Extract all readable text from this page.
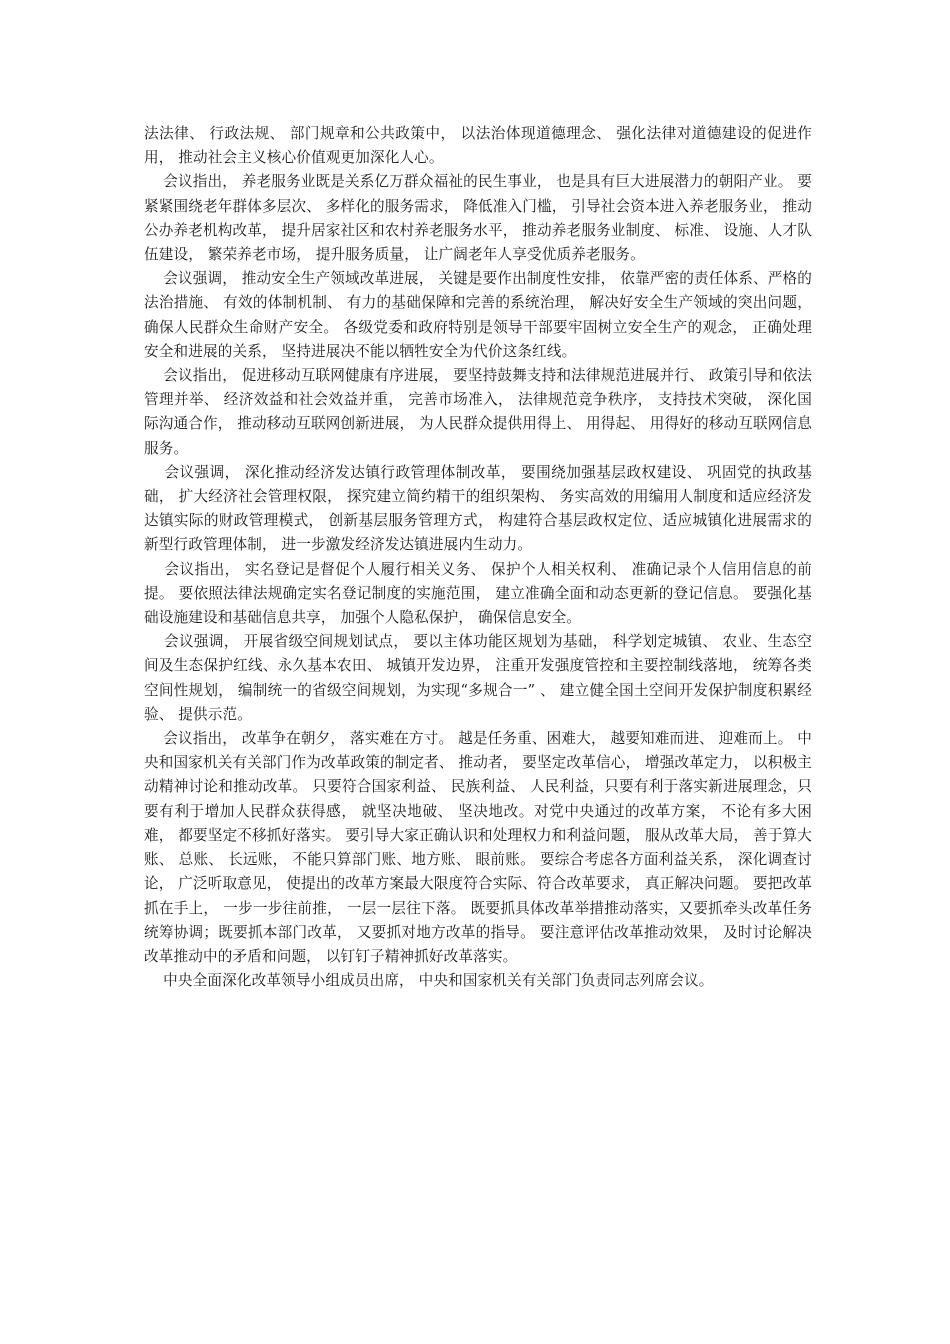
法法律、 行政法规、 部门规章和公共政策中， 以法治体现道德理念、 强化法律对道德建设的促进作用， 推动社会主义核心价值观更加深化人心。

会议指出， 养老服务业既是关系亿万群众福祉的民生事业， 也是具有巨大进展潜力的朝阳产业。 要紧紧围绕老年群体多层次、 多样化的服务需求， 降低准入门槛， 引导社会资本进入养老服务业， 推动公办养老机构改革， 提升居家社区和农村养老服务水平， 推动养老服务业制度、 标准、 设施、人才队伍建设， 繁荣养老市场， 提升服务质量， 让广阔老年人享受优质养老服务。

会议强调， 推动安全生产领域改革进展， 关键是要作出制度性安排， 依靠严密的责任体系、严格的法治措施、 有效的体制机制、 有力的基础保障和完善的系统治理， 解决好安全生产领域的突出问题， 确保人民群众生命财产安全。 各级党委和政府特别是领导干部要牢固树立安全生产的观念， 正确处理安全和进展的关系， 坚持进展决不能以牺牲安全为代价这条红线。

会议指出， 促进移动互联网健康有序进展， 要坚持鼓舞支持和法律规范进展并行、 政策引导和依法管理并举、 经济效益和社会效益并重， 完善市场准入， 法律规范竞争秩序， 支持技术突破， 深化国际沟通合作， 推动移动互联网创新进展， 为人民群众提供用得上、 用得起、 用得好的移动互联网信息服务。

会议强调， 深化推动经济发达镇行政管理体制改革， 要围绕加强基层政权建设、 巩固党的执政基础， 扩大经济社会管理权限， 探究建立简约精干的组织架构、 务实高效的用编用人制度和适应经济发达镇实际的财政管理模式， 创新基层服务管理方式， 构建符合基层政权定位、适应城镇化进展需求的新型行政管理体制， 进一步激发经济发达镇进展内生动力。

会议指出， 实名登记是督促个人履行相关义务、 保护个人相关权利、 准确记录个人信用信息的前提。 要依照法律法规确定实名登记制度的实施范围， 建立准确全面和动态更新的登记信息。 要强化基础设施建设和基础信息共享， 加强个人隐私保护， 确保信息安全。

会议强调， 开展省级空间规划试点， 要以主体功能区规划为基础， 科学划定城镇、 农业、生态空间及生态保护红线、永久基本农田、 城镇开发边界， 注重开发强度管控和主要控制线落地， 统筹各类空间性规划， 编制统一的省级空间规划，为实现“多规合一” 、 建立健全国土空间开发保护制度积累经验、 提供示范。

会议指出， 改革争在朝夕， 落实难在方寸。 越是任务重、困难大， 越要知难而进、 迎难而上。 中央和国家机关有关部门作为改革政策的制定者、 推动者， 要坚定改革信心， 增强改革定力， 以积极主动精神讨论和推动改革。 只要符合国家利益、 民族利益、 人民利益，只要有利于落实新进展理念，只要有利于增加人民群众获得感， 就坚决地破、 坚决地改。对党中央通过的改革方案， 不论有多大困难， 都要坚定不移抓好落实。 要引导大家正确认识和处理权力和利益问题， 服从改革大局， 善于算大账、 总账、 长远账， 不能只算部门账、地方账、 眼前账。 要综合考虑各方面利益关系， 深化调查讨论， 广泛听取意见， 使提出的改革方案最大限度符合实际、符合改革要求， 真正解决问题。 要把改革抓在手上， 一步一步往前推， 一层一层往下落。 既要抓具体改革举措推动落实，又要抓牵头改革任务统筹协调；既要抓本部门改革， 又要抓对地方改革的指导。 要注意评估改革推动效果， 及时讨论解决改革推动中的矛盾和问题， 以钉钉子精神抓好改革落实。

中央全面深化改革领导小组成员出席， 中央和国家机关有关部门负责同志列席会议。
